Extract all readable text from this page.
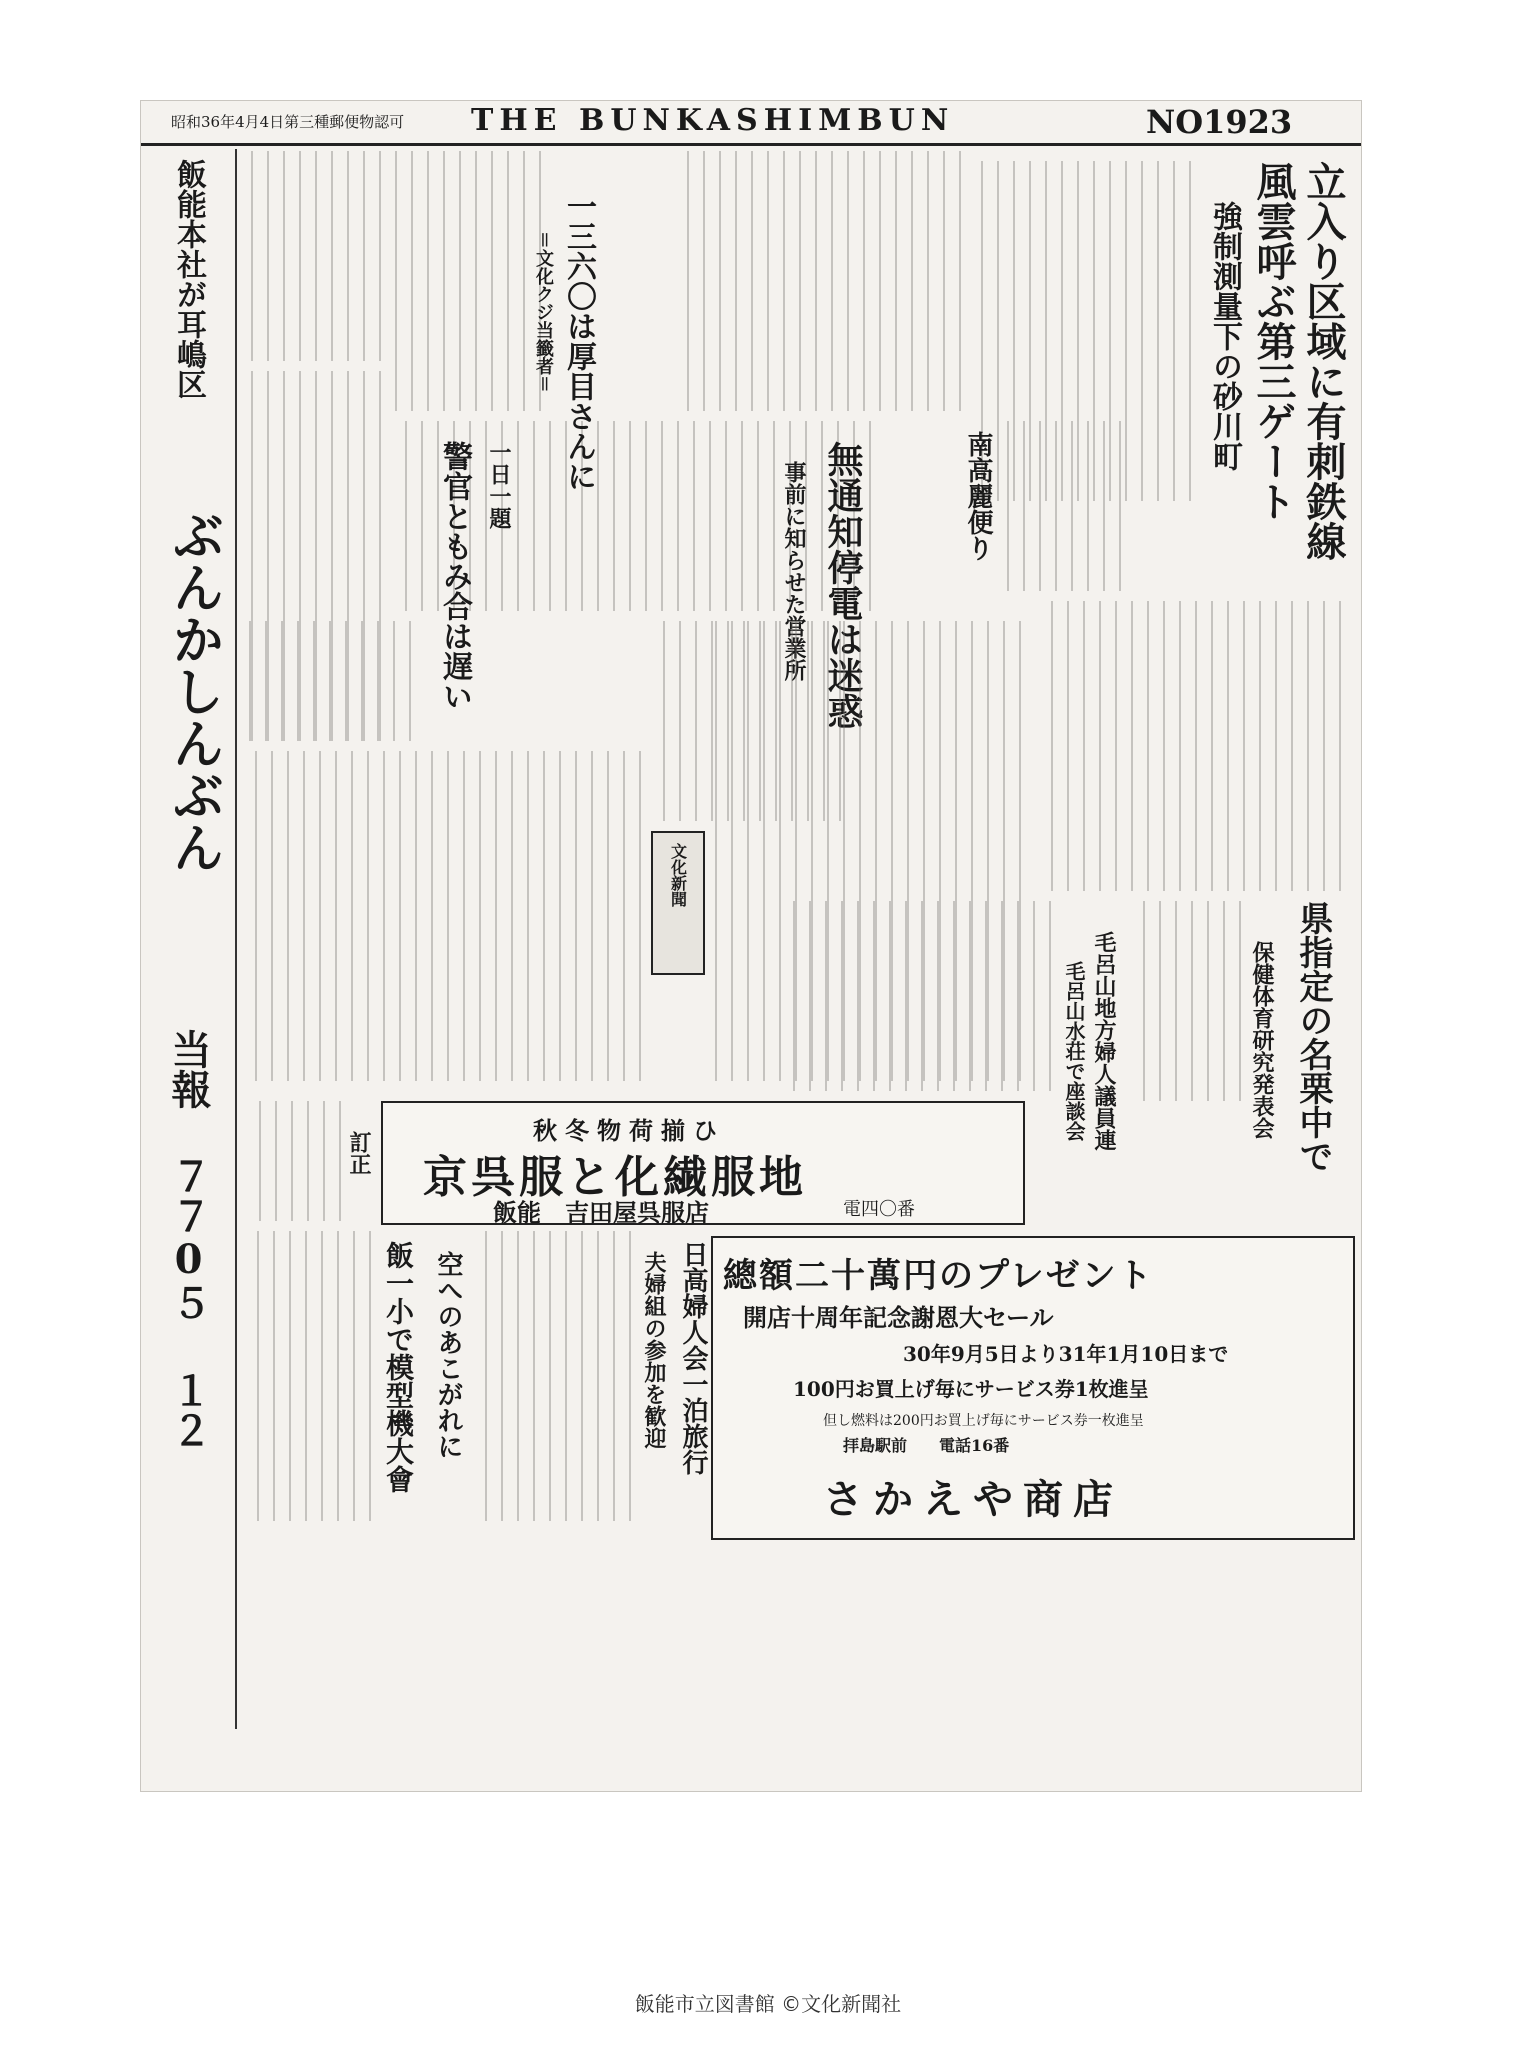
昭和36年4月4日第三種郵便物認可 THE BUNKASHIMBUN	NO1923
飯能本社が耳嶋区
ぶんかしんぶん
当報 ７７0５ １２
立入り区域に有刺鉄線
風雲呼ぶ第三ゲート
強制測量下の砂川町
一三六〇は厚目さんに
＝文化クジ当籤者＝
南高麗便り
無通知停電は迷惑
事前に知らせた営業所
一日一題
警官ともみ合は遅い
文化新聞
県指定の名栗中で
保健体育研究発表会
毛呂山地方婦人議員連
毛呂山水荘で座談会
秋冬物荷揃ひ
京呉服と化繊服地
飯能　吉田屋呉服店	電四〇番
訂正
日高婦人会一泊旅行
夫婦組の参加を歓迎
空へのあこがれに
飯一小で模型機大會	總額二十萬円のプレゼント
開店十周年記念謝恩大セール
30年9月5日より31年1月10日まで
100円お買上げ毎にサービス券1枚進呈
但し燃料は200円お買上げ毎にサービス券一枚進呈
拝島駅前　　電話16番
さかえや商店
飯能市立図書館 ©文化新聞社
